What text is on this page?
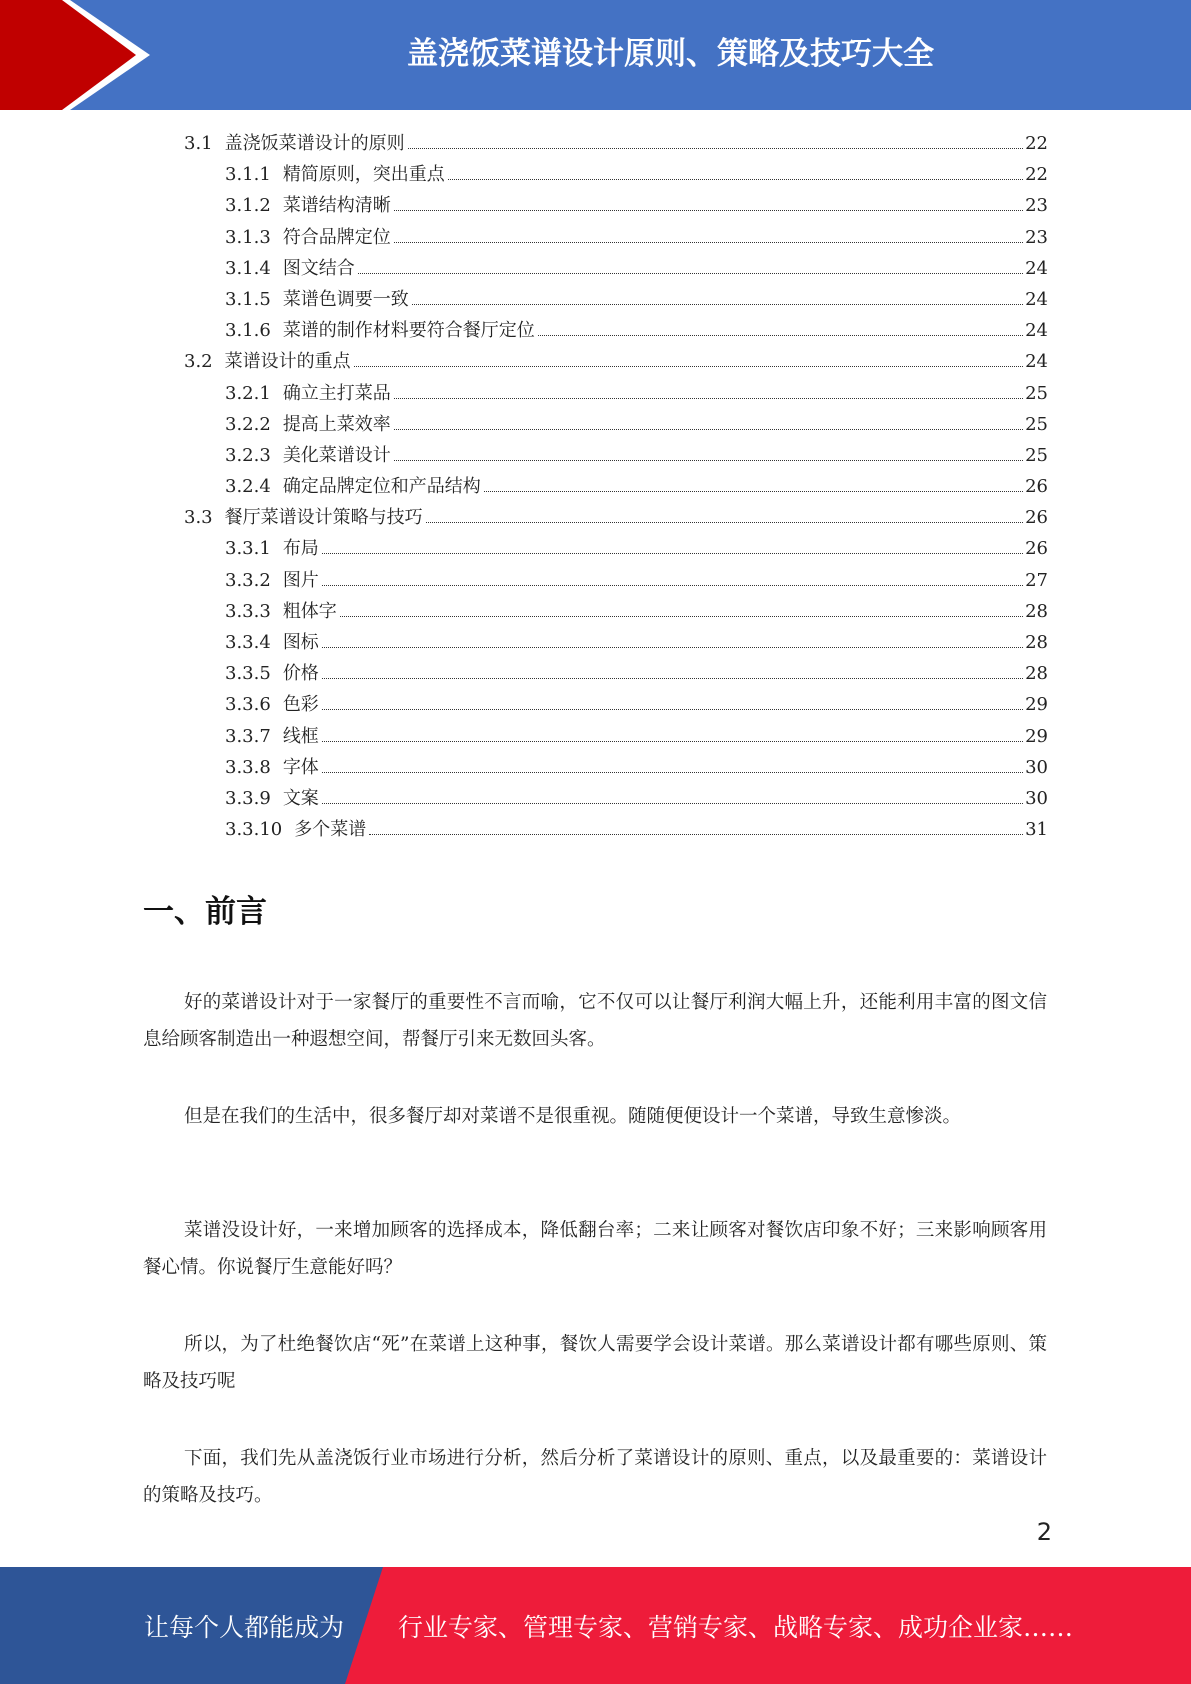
盖浇饭菜谱设计原则、策略及技巧大全
3.1 盖浇饭菜谱设计的原则	22
3.1.1 精简原则，突出重点	22
3.1.2 菜谱结构清晰	23
3.1.3 符合品牌定位	23
3.1.4 图文结合	24
3.1.5 菜谱色调要一致	24
3.1.6 菜谱的制作材料要符合餐厅定位	24
3.2 菜谱设计的重点	24
3.2.1 确立主打菜品	25
3.2.2 提高上菜效率	25
3.2.3 美化菜谱设计	25
3.2.4 确定品牌定位和产品结构	26
3.3 餐厅菜谱设计策略与技巧	26
3.3.1 布局	26
3.3.2 图片	27
3.3.3 粗体字	28
3.3.4 图标	28
3.3.5 价格	28
3.3.6 色彩	29
3.3.7 线框	29
3.3.8 字体	30
3.3.9 文案	30
3.3.10 多个菜谱	31
一、前言
好的菜谱设计对于一家餐厅的重要性不言而喻，它不仅可以让餐厅利润大幅上升，还能利用丰富的图文信息给顾客制造出一种遐想空间，帮餐厅引来无数回头客。
但是在我们的生活中，很多餐厅却对菜谱不是很重视。随随便便设计一个菜谱，导致生意惨淡。
菜谱没设计好，一来增加顾客的选择成本，降低翻台率；二来让顾客对餐饮店印象不好；三来影响顾客用餐心情。你说餐厅生意能好吗？
所以，为了杜绝餐饮店“死”在菜谱上这种事，餐饮人需要学会设计菜谱。那么菜谱设计都有哪些原则、策略及技巧呢
下面，我们先从盖浇饭行业市场进行分析，然后分析了菜谱设计的原则、重点，以及最重要的：菜谱设计的策略及技巧。
2
让每个人都能成为 行业专家、管理专家、营销专家、战略专家、成功企业家……
